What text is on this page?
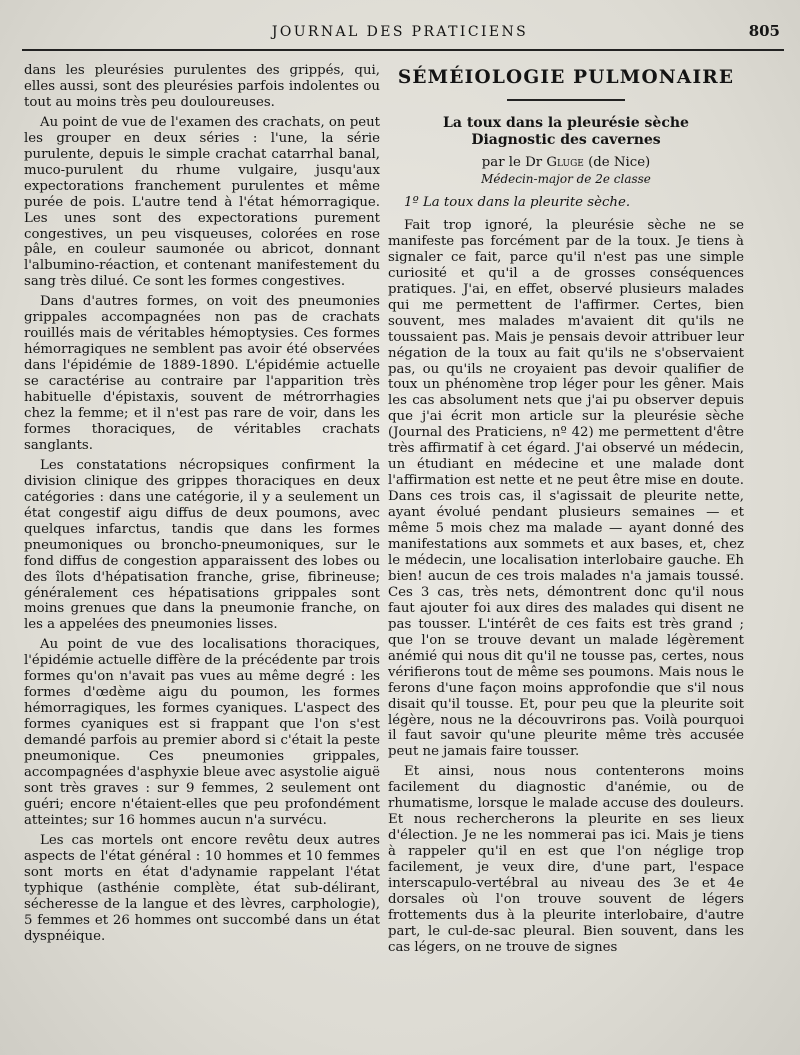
JOURNAL DES PRATICIENS	805

dans les pleurésies purulentes des grippés, qui, elles aussi, sont des pleurésies parfois indolentes ou tout au moins très peu douloureuses.

Au point de vue de l'examen des crachats, on peut les grouper en deux séries : l'une, la série purulente, depuis le simple crachat catarrhal banal, muco-purulent du rhume vulgaire, jusqu'aux expectorations franchement purulentes et même purée de pois. L'autre tend à l'état hémorragique. Les unes sont des expectorations purement congestives, un peu visqueuses, colorées en rose pâle, en couleur saumonée ou abricot, donnant l'albumino-réaction, et contenant manifestement du sang très dilué. Ce sont les formes congestives.

Dans d'autres formes, on voit des pneumonies grippales accompagnées non pas de crachats rouillés mais de véritables hémoptysies. Ces formes hémorragiques ne semblent pas avoir été observées dans l'épidémie de 1889-1890. L'épidémie actuelle se caractérise au contraire par l'apparition très habituelle d'épistaxis, souvent de métrorrhagies chez la femme; et il n'est pas rare de voir, dans les formes thoraciques, de véritables crachats sanglants.

Les constatations nécropsiques confirment la division clinique des grippes thoraciques en deux catégories : dans une catégorie, il y a seulement un état congestif aigu diffus de deux poumons, avec quelques infarctus, tandis que dans les formes pneumoniques ou broncho-pneumoniques, sur le fond diffus de congestion apparaissent des lobes ou des îlots d'hépatisation franche, grise, fibrineuse; généralement ces hépatisations grippales sont moins grenues que dans la pneumonie franche, on les a appelées des pneumonies lisses.

Au point de vue des localisations thoraciques, l'épidémie actuelle diffère de la précédente par trois formes qu'on n'avait pas vues au même degré : les formes d'œdème aigu du poumon, les formes hémorragiques, les formes cyaniques. L'aspect des formes cyaniques est si frappant que l'on s'est demandé parfois au premier abord si c'était la peste pneumonique. Ces pneumonies grippales, accompagnées d'asphyxie bleue avec asystolie aiguë sont très graves : sur 9 femmes, 2 seulement ont guéri; encore n'étaient-elles que peu profondément atteintes; sur 16 hommes aucun n'a survécu.

Les cas mortels ont encore revêtu deux autres aspects de l'état général : 10 hommes et 10 femmes sont morts en état d'adynamie rappelant l'état typhique (asthénie complète, état sub-délirant, sécheresse de la langue et des lèvres, carphologie), 5 femmes et 26 hommes ont succombé dans un état dyspnéique.

SÉMÉIOLOGIE PULMONAIRE
La toux dans la pleurésie sèche
Diagnostic des cavernes
par le Dr Gluge (de Nice)
Médecin-major de 2e classe
1º La toux dans la pleurite sèche.

Fait trop ignoré, la pleurésie sèche ne se manifeste pas forcément par de la toux. Je tiens à signaler ce fait, parce qu'il n'est pas une simple curiosité et qu'il a de grosses conséquences pratiques. J'ai, en effet, observé plusieurs malades qui me permettent de l'affirmer. Certes, bien souvent, mes malades m'avaient dit qu'ils ne toussaient pas. Mais je pensais devoir attribuer leur négation de la toux au fait qu'ils ne s'observaient pas, ou qu'ils ne croyaient pas devoir qualifier de toux un phénomène trop léger pour les gêner. Mais les cas absolument nets que j'ai pu observer depuis que j'ai écrit mon article sur la pleurésie sèche (Journal des Praticiens, nº 42) me permettent d'être très affirmatif à cet égard. J'ai observé un médecin, un étudiant en médecine et une malade dont l'affirmation est nette et ne peut être mise en doute. Dans ces trois cas, il s'agissait de pleurite nette, ayant évolué pendant plusieurs semaines — et même 5 mois chez ma malade — ayant donné des manifestations aux sommets et aux bases, et, chez le médecin, une localisation interlobaire gauche. Eh bien! aucun de ces trois malades n'a jamais toussé. Ces 3 cas, très nets, démontrent donc qu'il nous faut ajouter foi aux dires des malades qui disent ne pas tousser. L'intérêt de ces faits est très grand ; que l'on se trouve devant un malade légèrement anémié qui nous dit qu'il ne tousse pas, certes, nous vérifierons tout de même ses poumons. Mais nous le ferons d'une façon moins approfondie que s'il nous disait qu'il tousse. Et, pour peu que la pleurite soit légère, nous ne la découvrirons pas. Voilà pourquoi il faut savoir qu'une pleurite même très accusée peut ne jamais faire tousser.

Et ainsi, nous nous contenterons moins facilement du diagnostic d'anémie, ou de rhumatisme, lorsque le malade accuse des douleurs. Et nous rechercherons la pleurite en ses lieux d'élection. Je ne les nommerai pas ici. Mais je tiens à rappeler qu'il en est que l'on néglige trop facilement, je veux dire, d'une part, l'espace interscapulo-vertébral au niveau des 3e et 4e dorsales où l'on trouve souvent de légers frottements dus à la pleurite interlobaire, d'autre part, le cul-de-sac pleural. Bien souvent, dans les cas légers, on ne trouve de signes
